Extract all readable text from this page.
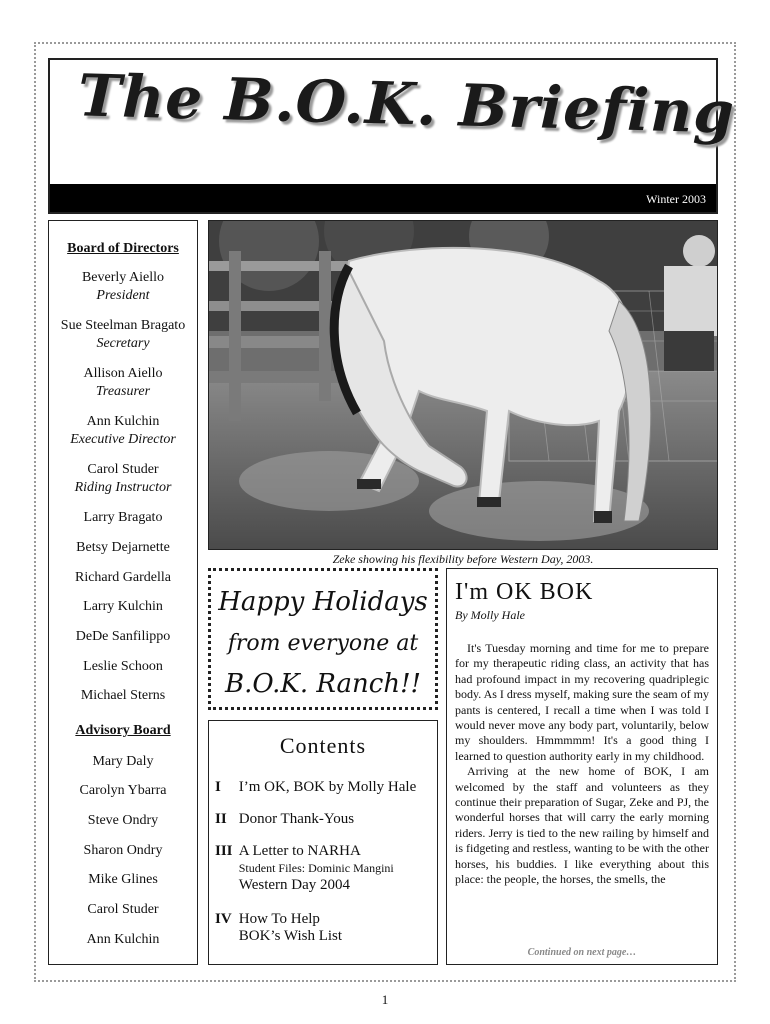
The B.O.K. Briefing
Winter 2003
Board of Directors
Beverly Aiello
President
Sue Steelman Bragato
Secretary
Allison Aiello
Treasurer
Ann Kulchin
Executive Director
Carol Studer
Riding Instructor
Larry Bragato
Betsy Dejarnette
Richard Gardella
Larry Kulchin
DeDe Sanfilippo
Leslie Schoon
Michael Sterns
Advisory Board
Mary Daly
Carolyn Ybarra
Steve Ondry
Sharon Ondry
Mike Glines
Carol Studer
Ann Kulchin
Zeke showing his flexibility before Western Day, 2003.
Happy Holidays
from everyone at
B.O.K. Ranch!!
Contents
I I’m OK, BOK by Molly Hale
II Donor Thank-Yous
III A Letter to NARHA
Student Files: Dominic Mangini
Western Day 2004
IV How To Help
BOK’s Wish List
I'm OK BOK
By Molly Hale

It's Tuesday morning and time for me to prepare for my therapeutic riding class, an activity that has had profound impact in my recovering quadriplegic body. As I dress myself, making sure the seam of my pants is centered, I recall a time when I was told I would never move any body part, voluntarily, below my shoulders. Hmmmmm! It's a good thing I learned to question authority early in my childhood.

Arriving at the new home of BOK, I am welcomed by the staff and volunteers as they continue their preparation of Sugar, Zeke and PJ, the wonderful horses that will carry the early morning riders. Jerry is tied to the new railing by himself and is fidgeting and restless, wanting to be with the other horses, his buddies. I like everything about this place: the people, the horses, the smells, the

Continued on next page…
1
